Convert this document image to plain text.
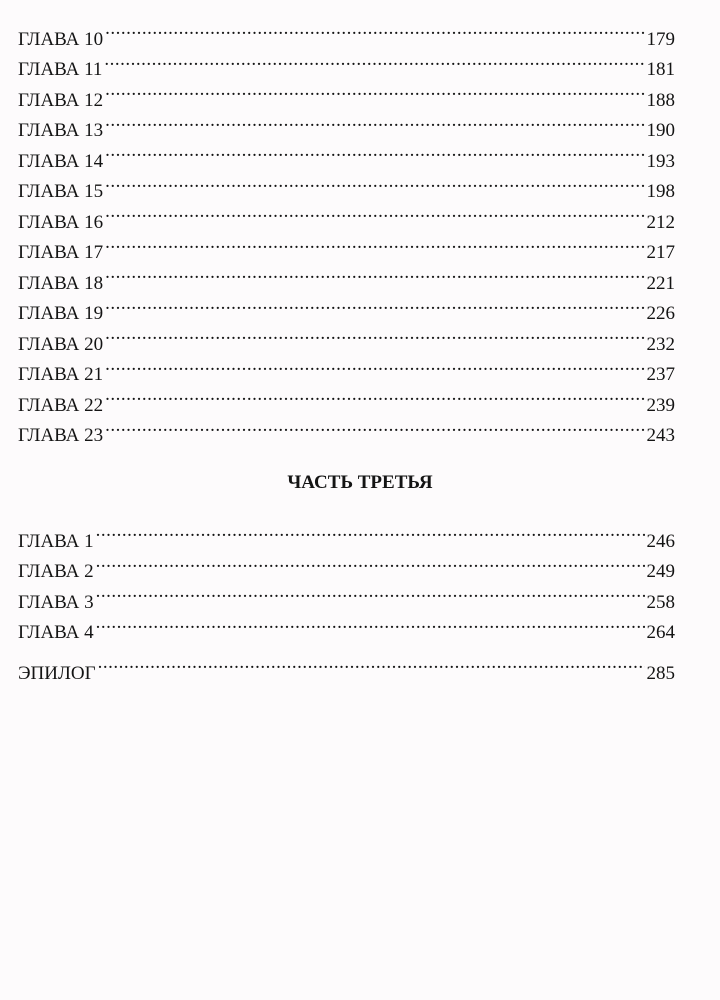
ГЛАВА 10 .....	179
ГЛАВА 11 .....	181
ГЛАВА 12 .....	188
ГЛАВА 13 .....	190
ГЛАВА 14 .....	193
ГЛАВА 15 .....	198
ГЛАВА 16 .....	212
ГЛАВА 17 .....	217
ГЛАВА 18 .....	221
ГЛАВА 19 .....	226
ГЛАВА 20 .....	232
ГЛАВА 21 .....	237
ГЛАВА 22 .....	239
ГЛАВА 23 .....	243
ЧАСТЬ ТРЕТЬЯ
ГЛАВА 1 .....	246
ГЛАВА 2 .....	249
ГЛАВА 3 .....	258
ГЛАВА 4 .....	264
ЭПИЛОГ .....	285
